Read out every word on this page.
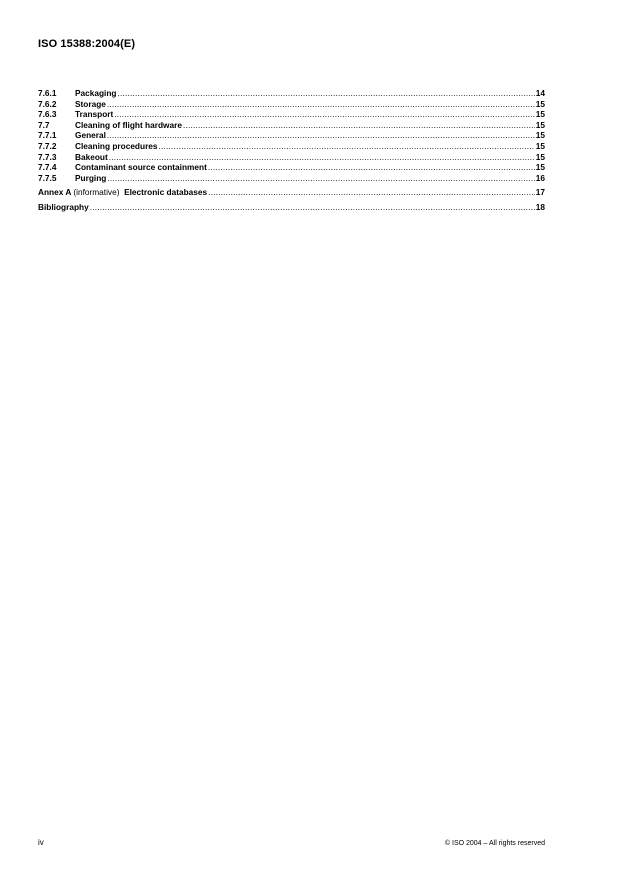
ISO 15388:2004(E)
7.6.1	Packaging .....	14
7.6.2	Storage .....	15
7.6.3	Transport .....	15
7.7	Cleaning of flight hardware .....	15
7.7.1	General .....	15
7.7.2	Cleaning procedures .....	15
7.7.3	Bakeout .....	15
7.7.4	Contaminant source containment .....	15
7.7.5	Purging .....	16
Annex A (informative) Electronic databases .....	17
Bibliography .....	18
iv	© ISO 2004 – All rights reserved
